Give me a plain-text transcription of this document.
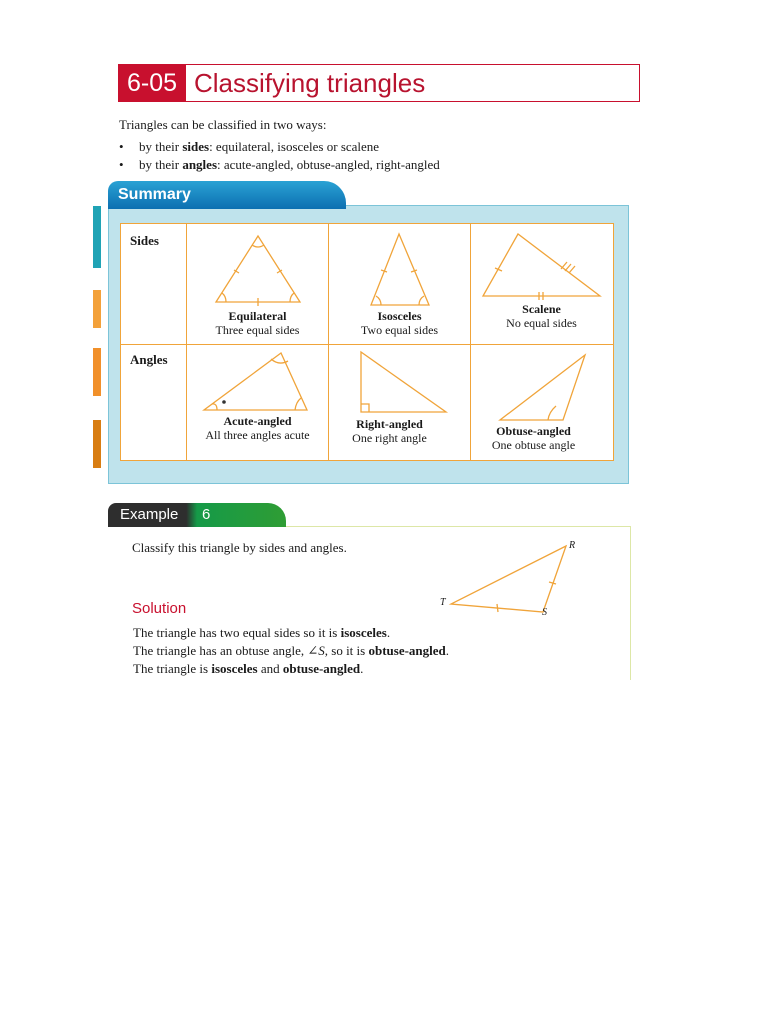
6-05 Classifying triangles
Triangles can be classified in two ways:
• by their sides: equilateral, isosceles or scalene
• by their angles: acute-angled, obtuse-angled, right-angled
Summary
Sides
Angles
Equilateral
Three equal sides
Isosceles
Two equal sides
Scalene
No equal sides
Acute-angled
All three angles acute
Right-angled
One right angle	Obtuse-angled
One obtuse angle
Example 6
Classify this triangle by sides and angles.	R
T
S
Solution
The triangle has two equal sides so it is isosceles.
The triangle has an obtuse angle, ∠S, so it is obtuse-angled.
The triangle is isosceles and obtuse-angled.
